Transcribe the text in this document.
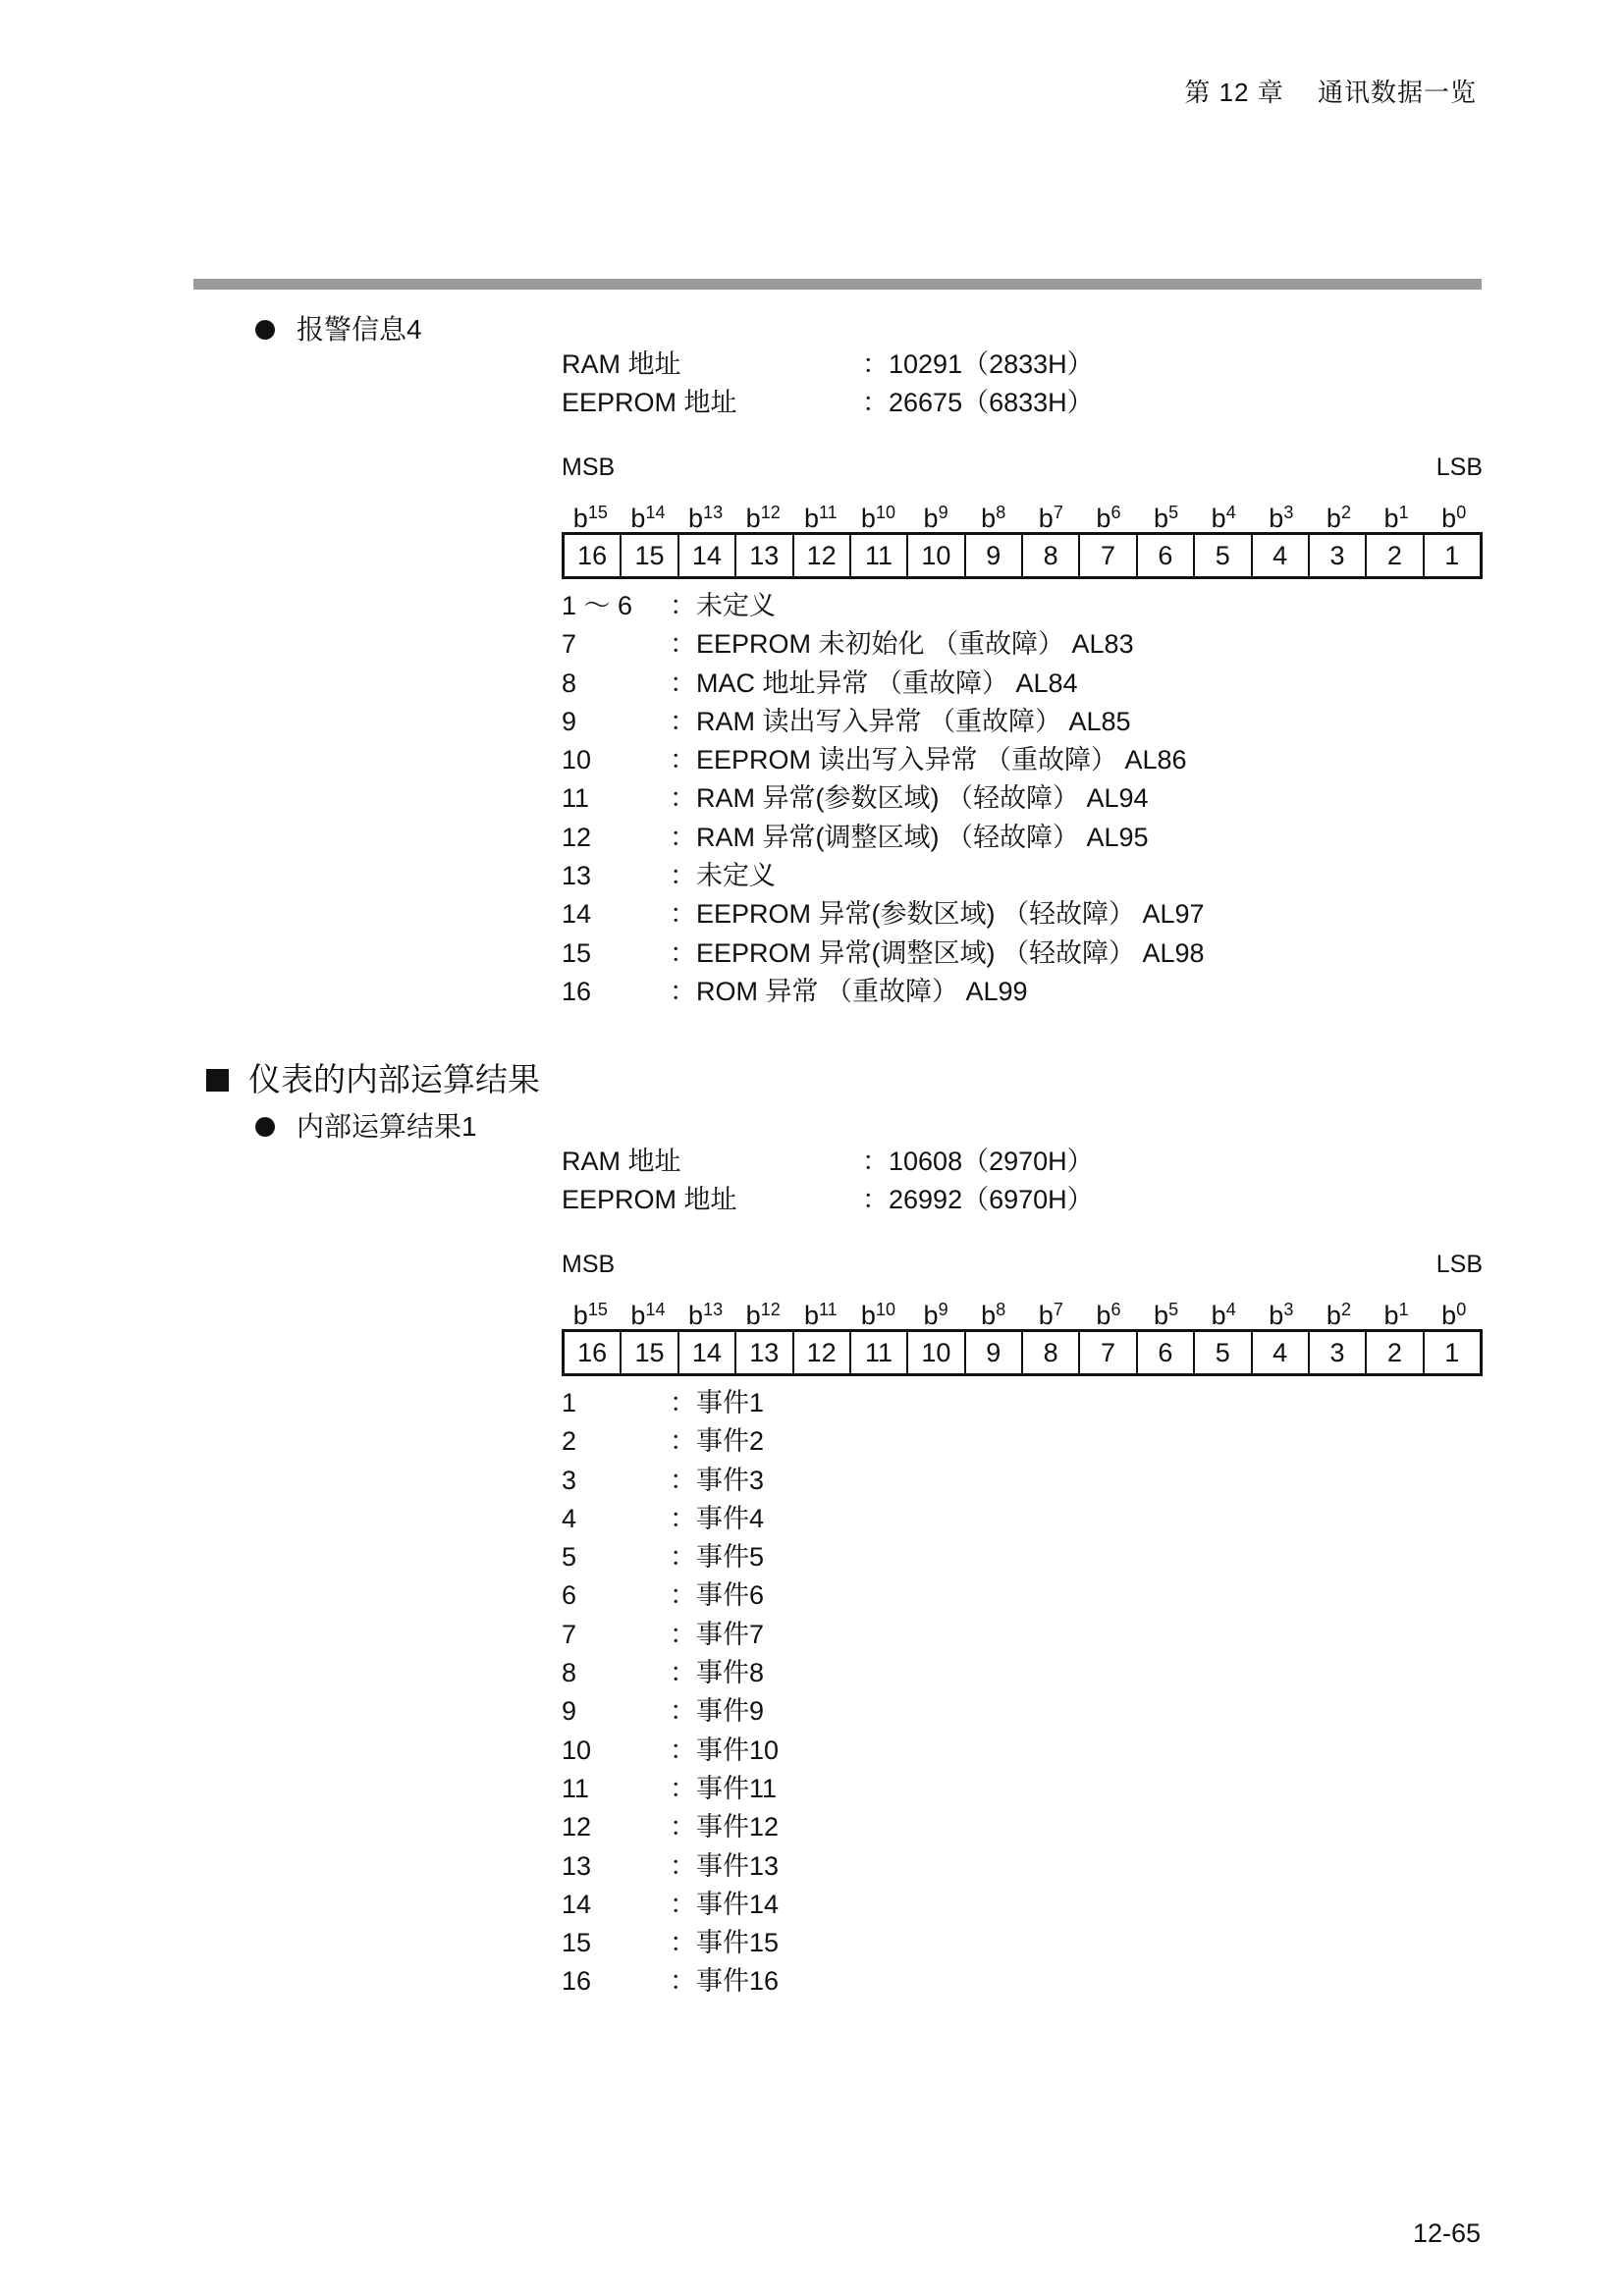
第 12 章 通讯数据一览
报警信息4
RAM 地址	：10291（2833H）
EEPROM 地址	：26675（6833H）
MSB	LSB
$b^{15}$ $b^{14}$ $b^{13}$ $b^{12}$ $b^{11}$ $b^{10}$	$b^9$	$b^8$	$b^7$	$b^6$	$b^5$	$b^4$	$b^3$	$b^2$	$b^1$	$b^0$
16	15	14	13	12	11	10	9	8	7	6	5	4	3	2	1
1 ～ 6 ：未定义
7	：EEPROM 未初始化 （重故障） AL83
8	：MAC 地址异常 （重故障） AL84
9	：RAM 读出写入异常 （重故障） AL85
10	：EEPROM 读出写入异常 （重故障） AL86
11	：RAM 异常(参数区域) （轻故障） AL94
12	：RAM 异常(调整区域) （轻故障） AL95
13	：未定义
14	：EEPROM 异常(参数区域) （轻故障） AL97
15	：EEPROM 异常(调整区域) （轻故障） AL98
16	：ROM 异常 （重故障） AL99
仪表的内部运算结果
内部运算结果1
RAM 地址	：10608（2970H）
EEPROM 地址	：26992（6970H）
MSB	LSB
$b^{15}$ $b^{14}$ $b^{13}$ $b^{12}$ $b^{11}$ $b^{10}$	$b^9$	$b^8$	$b^7$	$b^6$	$b^5$	$b^4$	$b^3$	$b^2$	$b^1$	$b^0$
16	15	14	13	12	11	10	9	8	7	6	5	4	3	2	1
1	：事件1
2	：事件2
3	：事件3
4	：事件4
5	：事件5
6	：事件6
7	：事件7
8	：事件8
9	：事件9
10	：事件10
11	：事件11
12	：事件12
13	：事件13
14	：事件14
15	：事件15
16	：事件16
12-65
